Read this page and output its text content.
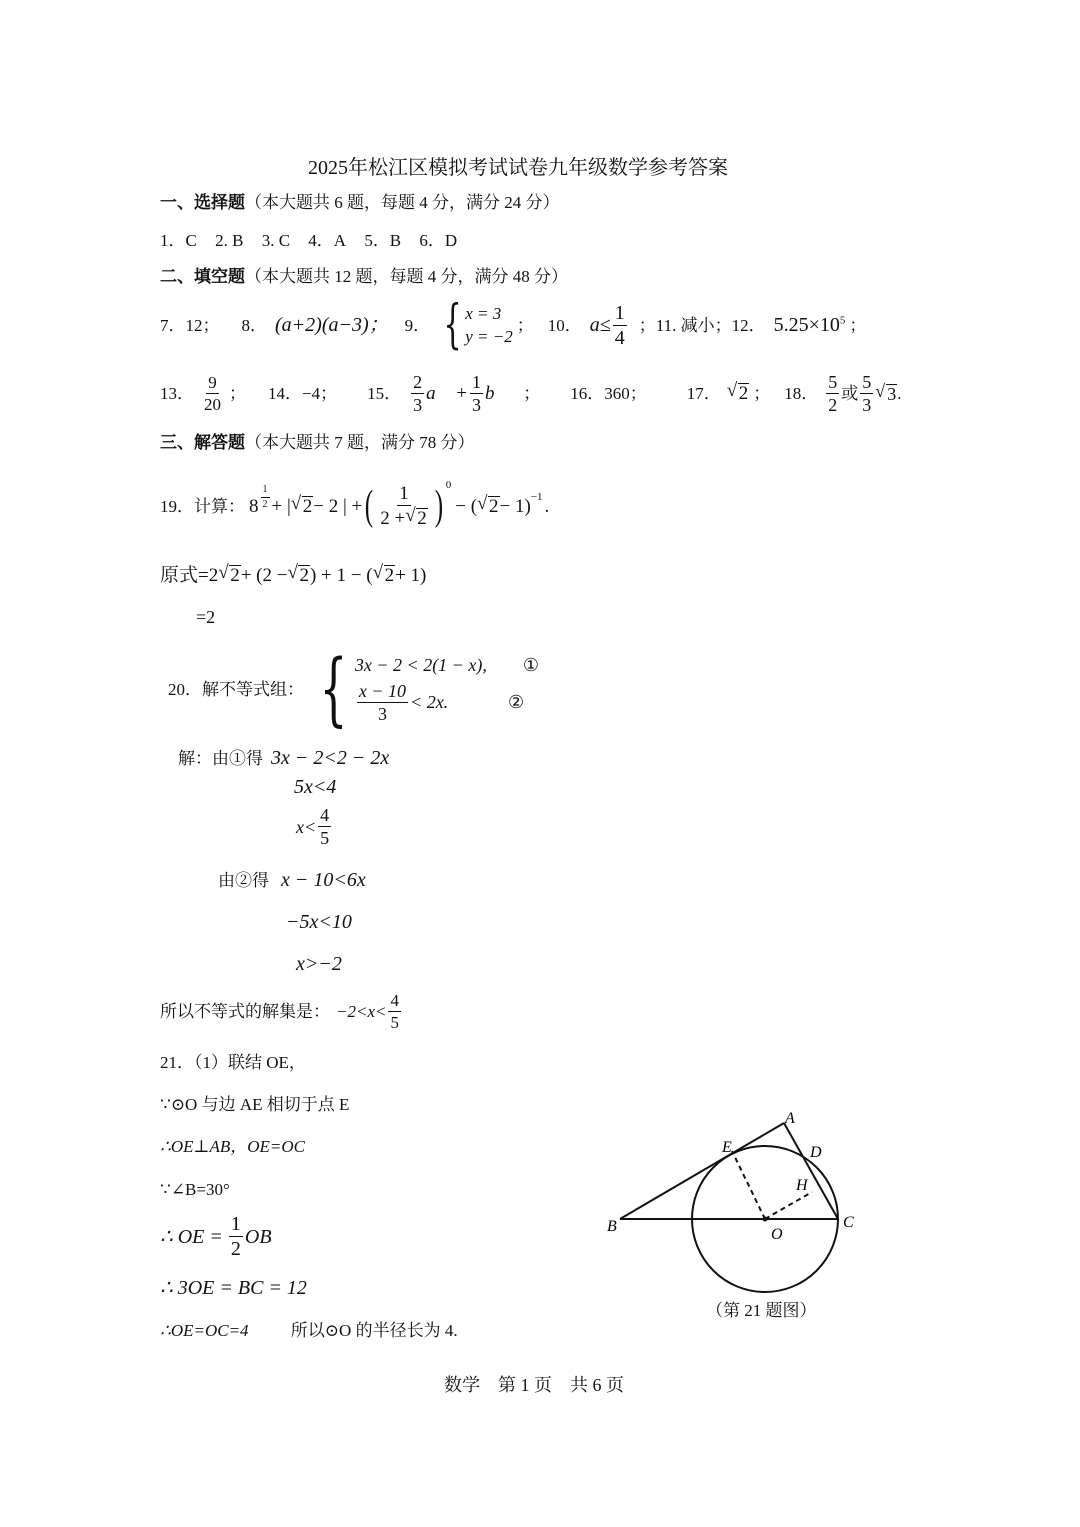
2025年松江区模拟考试试卷九年级数学参考答案
一、选择题（本大题共 6 题，每题 4 分，满分 24 分）
1．C 2. B 3. C 4．A 5．B 6．D
二、填空题（本大题共 12 题，每题 4 分，满分 48 分）
7．12； 8． (a+2)(a−3)； 9． { x = 3
y = −2
； 10． $a\le \frac{1}{4}$ ；11. 减小；12． $5.25\times 10^5$ ；
13． $\frac{9}{20}$ ； 14．−4； 15． $\frac{2}{3}$ a⃗ + $\frac{1}{3}$ b⃗ ； 16．360； 17． √ 2 ； 18． $\frac{5}{2}$ 或 $\frac{5}{3}$ √ 3 .
三、解答题（本大题共 7 题，满分 78 分）
19．计算： $8 \frac{1}{2}$ + | √ 2 − 2 | + ( $\frac{1}{2 + √ 2}$ ) 0
− ( √ 2 − 1) −1 .
原式=2 √ 2 + (2 − √ 2 ) + 1 − ( √ 2 + 1)
=2
20．解不等式组： { 3x − 2 < 2(1 − x),	①
$\frac{x - 10}{3} < 2x$.	②
解：由①得 3x − 2<2 − 2x
5x<4
$x< \frac{4}{5}$
由②得 x − 10<6x
−5x<10
x>−2
所以不等式的解集是： $-2<x< \frac{4}{5}$
21．（1）联结 OE，
∵⊙O 与边 AE 相切于点 E
∴OE⊥AB，OE=OC
∵∠B=30°
∴ OE = $\frac{1}{2}$ OB
∴ 3OE = BC = 12
∴OE=OC=4 所以⊙O 的半径长为 4.
A
B	C
D
E
H
O
（第 21 题图）
数学　第 1 页　共 6 页
